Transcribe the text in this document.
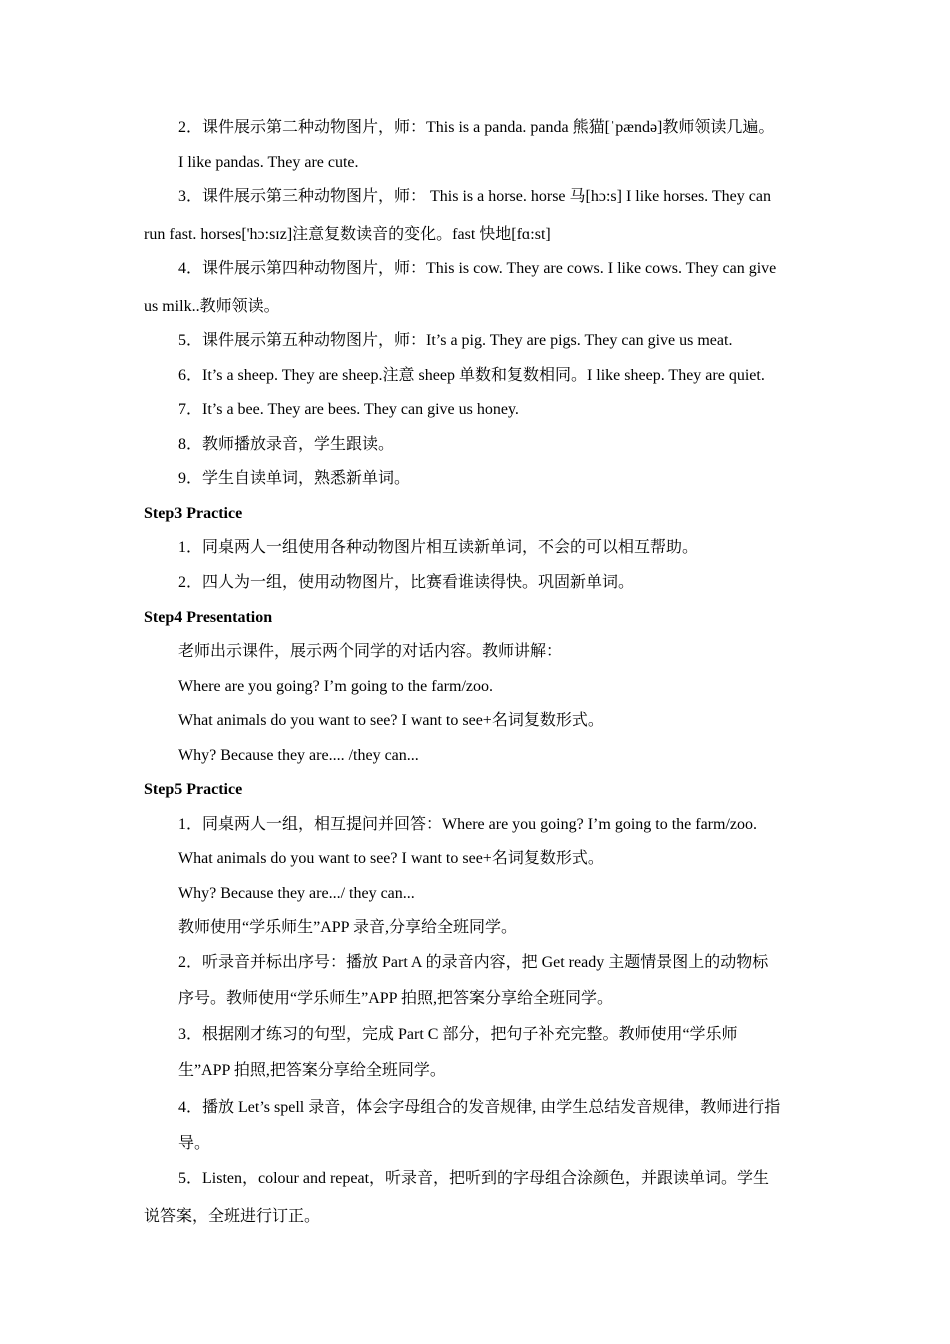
2．课件展示第二种动物图片，师：This is a panda. panda 熊猫[ˈpændə]教师领读几遍。
I like pandas. They are cute.
3．课件展示第三种动物图片，师： This is a horse. horse 马[hɔ:s] I like horses. They can
run fast. horses['hɔ:sɪz]注意复数读音的变化。fast 快地[fɑ:st]
4．课件展示第四种动物图片，师：This is cow. They are cows. I like cows. They can give
us milk..教师领读。
5．课件展示第五种动物图片，师：It’s a pig. They are pigs. They can give us meat.
6．It’s a sheep. They are sheep.注意 sheep 单数和复数相同。I like sheep. They are quiet.
7．It’s a bee. They are bees. They can give us honey.
8．教师播放录音，学生跟读。
9．学生自读单词，熟悉新单词。
Step3 Practice
1．同桌两人一组使用各种动物图片相互读新单词，不会的可以相互帮助。
2．四人为一组，使用动物图片，比赛看谁读得快。巩固新单词。
Step4 Presentation
老师出示课件，展示两个同学的对话内容。教师讲解：
Where are you going? I’m going to the farm/zoo.
What animals do you want to see? I want to see+名词复数形式。
Why? Because they are.... /they can...
Step5 Practice
1．同桌两人一组，相互提问并回答：Where are you going? I’m going to the farm/zoo.
What animals do you want to see? I want to see+名词复数形式。
Why? Because they are.../ they can...
教师使用“学乐师生”APP 录音,分享给全班同学。
2．听录音并标出序号：播放 Part A 的录音内容，把 Get ready 主题情景图上的动物标
序号。教师使用“学乐师生”APP 拍照,把答案分享给全班同学。
3．根据刚才练习的句型，完成 Part C 部分，把句子补充完整。教师使用“学乐师
生”APP 拍照,把答案分享给全班同学。
4．播放 Let’s spell 录音，体会字母组合的发音规律, 由学生总结发音规律，教师进行指
导。
5．Listen，colour and repeat，听录音，把听到的字母组合涂颜色，并跟读单词。学生
说答案，全班进行订正。
